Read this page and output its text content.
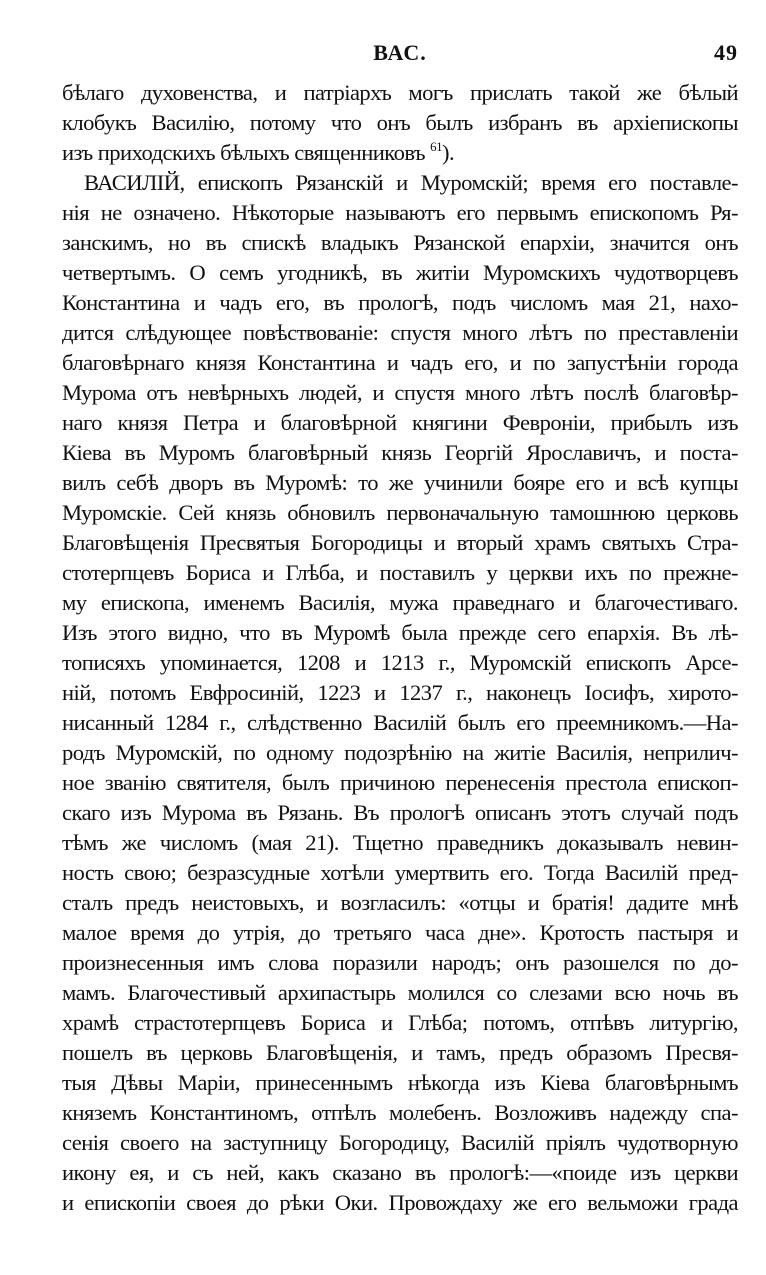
ВАС.	49
бѣлаго духовенства, и патріархъ могъ прислать такой же бѣлый
клобукъ Василію, потому что онъ былъ избранъ въ архіепископы
изъ приходскихъ бѣлыхъ священниковъ $^{61}$).
ВАСИЛІЙ, епископъ Рязанскій и Муромскій; время его поставле-
нія не означено. Нѣкоторые называютъ его первымъ епископомъ Ря-
занскимъ, но въ спискѣ владыкъ Рязанской епархіи, значится онъ
четвертымъ. О семъ угодникѣ, въ житіи Муромскихъ чудотворцевъ
Константина и чадъ его, въ прологѣ, подъ числомъ мая 21, нахо-
дится слѣдующее повѣствованіе: спустя много лѣтъ по преставленіи
благовѣрнаго князя Константина и чадъ его, и по запустѣніи города
Мурома отъ невѣрныхъ людей, и спустя много лѣтъ послѣ благовѣр-
наго князя Петра и благовѣрной княгини Февроніи, прибылъ изъ
Кіева въ Муромъ благовѣрный князь Георгій Ярославичъ, и поста-
вилъ себѣ дворъ въ Муромѣ: то же учинили бояре его и всѣ купцы
Муромскіе. Сей князь обновилъ первоначальную тамошнюю церковь
Благовѣщенія Пресвятыя Богородицы и вторый храмъ святыхъ Стра-
стотерпцевъ Бориса и Глѣба, и поставилъ у церкви ихъ по прежне-
му епископа, именемъ Василія, мужа праведнаго и благочестиваго.
Изъ этого видно, что въ Муромѣ была прежде сего епархія. Въ лѣ-
тописяхъ упоминается, 1208 и 1213 г., Муромскій епископъ Арсе-
ній, потомъ Евфросиній, 1223 и 1237 г., наконецъ Іосифъ, хирото-
нисанный 1284 г., слѣдственно Василій былъ его преемникомъ.—На-
родъ Муромскій, по одному подозрѣнію на житіе Василія, неприлич-
ное званію святителя, былъ причиною перенесенія престола епископ-
скаго изъ Мурома въ Рязань. Въ прологѣ описанъ этотъ случай подъ
тѣмъ же числомъ (мая 21). Тщетно праведникъ доказывалъ невин-
ность свою; безразсудные хотѣли умертвить его. Тогда Василій пред-
сталъ предъ неистовыхъ, и возгласилъ: «отцы и братія! дадите мнѣ
малое время до утрія, до третьяго часа дне». Кротость пастыря и
произнесенныя имъ слова поразили народъ; онъ разошелся по до-
мамъ. Благочестивый архипастырь молился со слезами всю ночь въ
храмѣ страстотерпцевъ Бориса и Глѣба; потомъ, отпѣвъ литургію,
пошелъ въ церковь Благовѣщенія, и тамъ, предъ образомъ Пресвя-
тыя Дѣвы Маріи, принесеннымъ нѣкогда изъ Кіева благовѣрнымъ
княземъ Константиномъ, отпѣлъ молебенъ. Возложивъ надежду спа-
сенія своего на заступницу Богородицу, Василій пріялъ чудотворную
икону ея, и съ ней, какъ сказано въ прологѣ:—«поиде изъ церкви
и епископіи своея до рѣки Оки. Провождаху же его вельможи града
